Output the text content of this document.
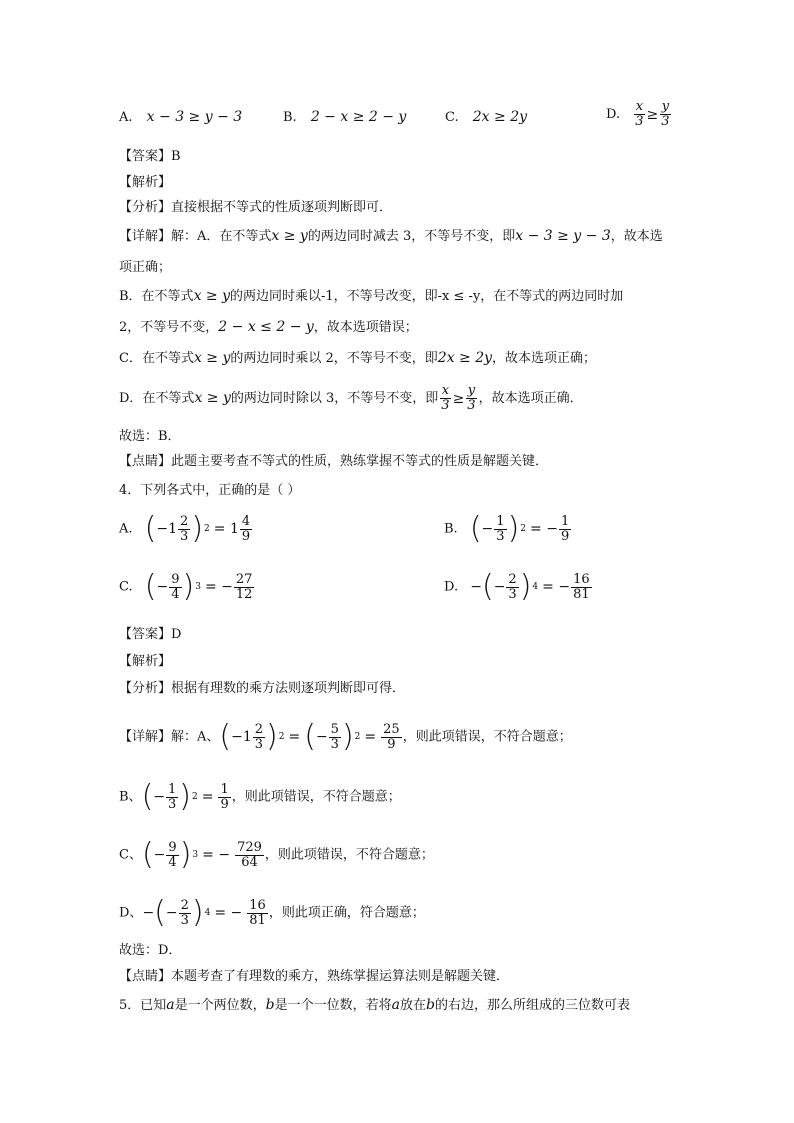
A. x − 3 ≥ y − 3	B. 2 − x ≥ 2 − y	C. 2x ≥ 2y	D. $\frac{x}{3} \ge \frac{y}{3}$
【答案】B
【解析】
【分析】直接根据不等式的性质逐项判断即可．
【详解】解：A．在不等式x ≥ y的两边同时减去 3，不等号不变，即x − 3 ≥ y − 3，故本选
项正确；
B．在不等式x ≥ y的两边同时乘以-1，不等号改变，即-x ≤ -y，在不等式的两边同时加
2，不等号不变，2 − x ≤ 2 − y，故本选项错误；
C．在不等式x ≥ y的两边同时乘以 2，不等号不变，即2x ≥ 2y，故本选项正确；
D．在不等式x ≥ y的两边同时除以 3，不等号不变，即 $\frac{x}{3} \ge \frac{y}{3}$ ，故本选项正确．
故选：B．
【点睛】此题主要考查不等式的性质，熟练掌握不等式的性质是解题关键．
4．下列各式中，正确的是（ ）
A. ( $-1 \frac{2}{3}$ ) $2 = 1 \frac{4}{9}$	B. ( − $\frac{1}{3}$ ) 2 = − $\frac{1}{9}$
C. ( − $\frac{9}{4}$ ) 3 = − $\frac{27}{12}$	D. − ( − $\frac{2}{3}$ ) 4 = − $\frac{16}{81}$
【答案】D
【解析】
【分析】根据有理数的乘方法则逐项判断即可得．
【详解】解：A、 ( $-1 \frac{2}{3}$ ) 2 = ( − $\frac{5}{3}$ ) $2 = \frac{25}{9}$ ，则此项错误，不符合题意；
B、 ( − $\frac{1}{3}$ ) $2 = \frac{1}{9}$ ，则此项错误，不符合题意；
C、 ( − $\frac{9}{4}$ ) 3 = − $\frac{729}{64}$ ，则此项错误，不符合题意；
D、 − ( − $\frac{2}{3}$ ) 4 = − $\frac{16}{81}$ ，则此项正确，符合题意；
故选：D．
【点睛】本题考查了有理数的乘方，熟练掌握运算法则是解题关键．
5．已知a是一个两位数，b是一个一位数，若将a放在b的右边，那么所组成的三位数可表
